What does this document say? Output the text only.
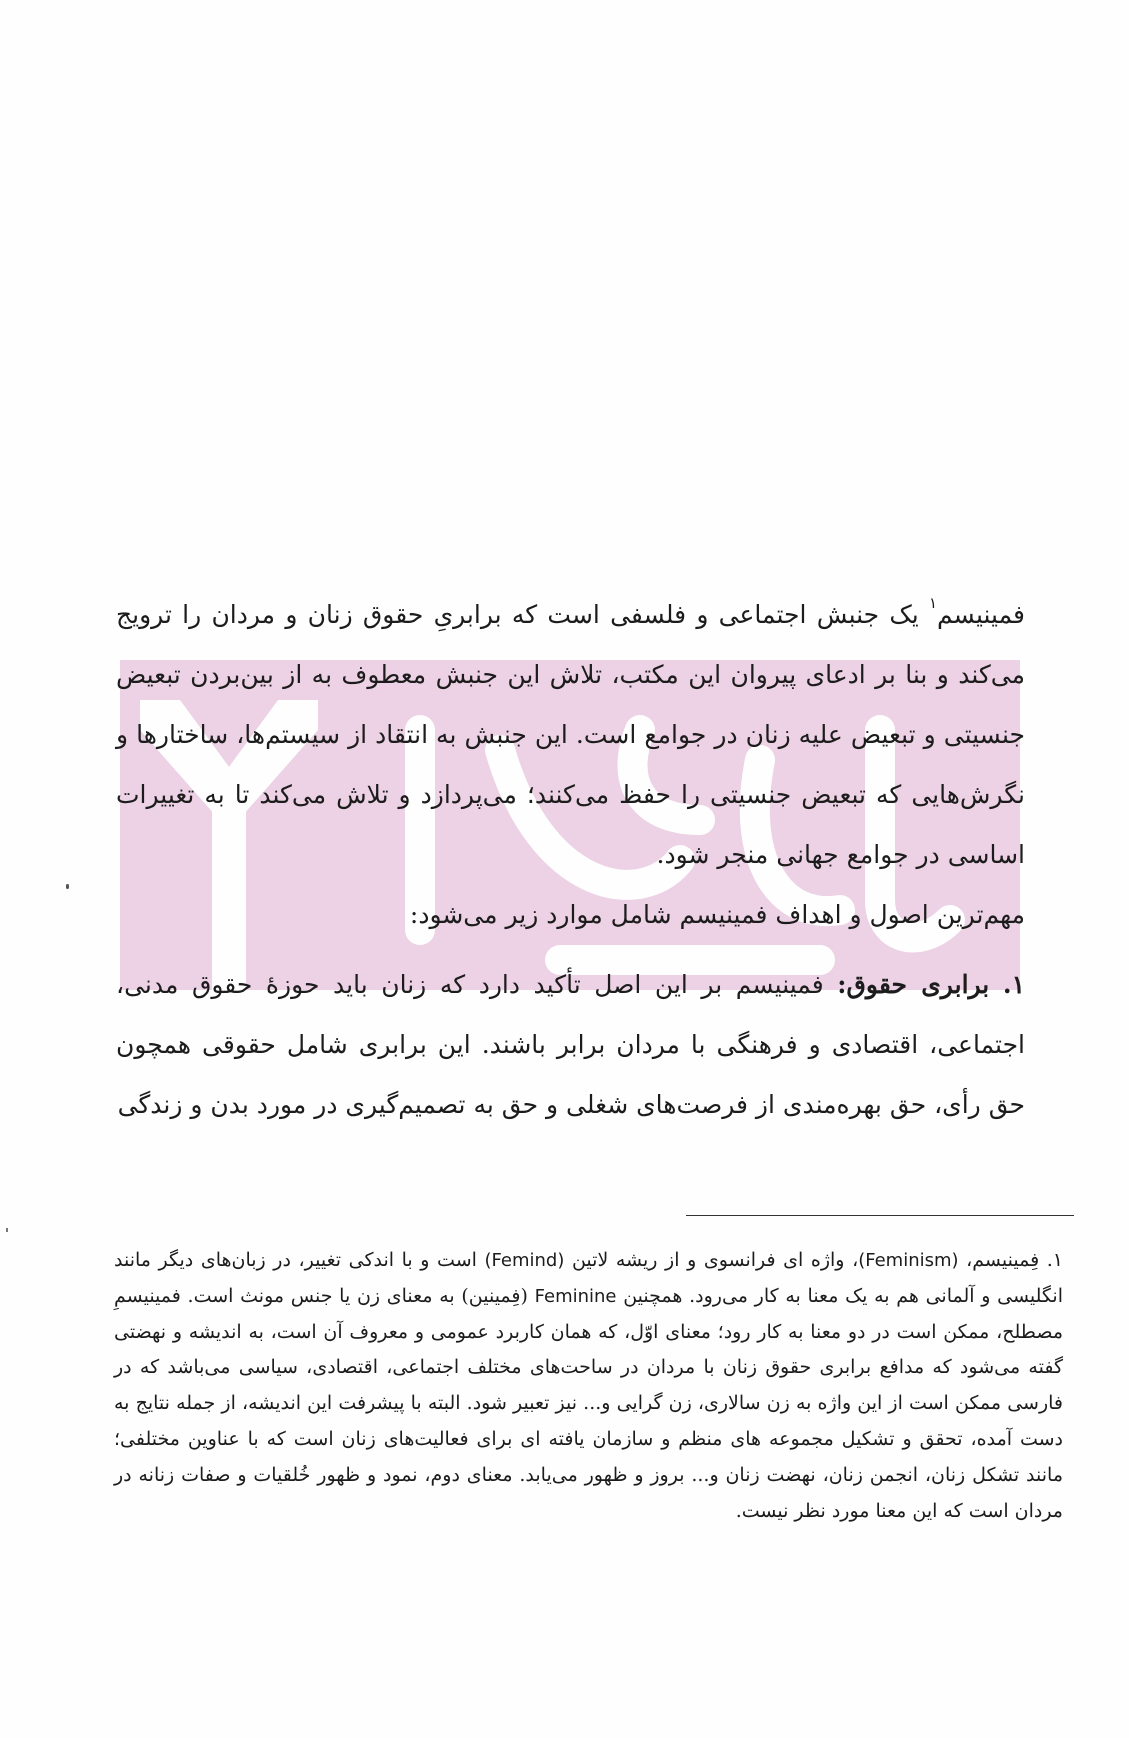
فمینیسم$^۱$ یک جنبش اجتماعی و فلسفی است که برابریِ حقوق زنان و مردان را ترویج می‌کند و بنا بر ادعای پیروان این مکتب، تلاش این جنبش معطوف به از بین‌بردن تبعیض جنسیتی و تبعیض علیه زنان در جوامع است. این جنبش به انتقاد از سیستم‌ها، ساختارها و نگرش‌هایی که تبعیض جنسیتی را حفظ می‌کنند؛ می‌پردازد و تلاش می‌کند تا به تغییرات اساسی در جوامع جهانی منجر شود.

مهم‌ترین اصول و اهداف فمینیسم شامل موارد زیر می‌شود:

۱. برابری حقوق: فمینیسم بر این اصل تأکید دارد که زنان باید حوزهٔ حقوق مدنی، اجتماعی، اقتصادی و فرهنگی با مردان برابر باشند. این برابری شامل حقوقی همچون حق رأی، حق بهره‌مندی از فرصت‌های شغلی و حق به تصمیم‌گیری در مورد بدن و زندگی

۱. فِمینیسم، (Feminism)، واژه ای فرانسوی و از ریشه لاتین (Femind) است و با اندکی تغییر، در زبان‌های دیگر مانند انگلیسی و آلمانی هم به یک معنا به کار می‌رود. همچنین Feminine (فِمینین) به معنای زن یا جنس مونث است. فمینیسمِ مصطلح، ممکن است در دو معنا به کار رود؛ معنای اوّل، که همان کاربرد عمومی و معروف آن است، به اندیشه و نهضتی گفته می‌شود که مدافع برابری حقوق زنان با مردان در ساحت‌های مختلف اجتماعی، اقتصادی، سیاسی می‌باشد که در فارسی ممکن است از این واژه به زن سالاری، زن گرایی و... نیز تعبیر شود. البته با پیشرفت این اندیشه، از جمله نتایج به دست آمده، تحقق و تشکیل مجموعه های منظم و سازمان یافته ای برای فعالیت‌های زنان است که با عناوین مختلفی؛ مانند تشکل زنان، انجمن زنان، نهضت زنان و... بروز و ظهور می‌یابد. معنای دوم، نمود و ظهور خُلقیات و صفات زنانه در مردان است که این معنا مورد نظر نیست.
